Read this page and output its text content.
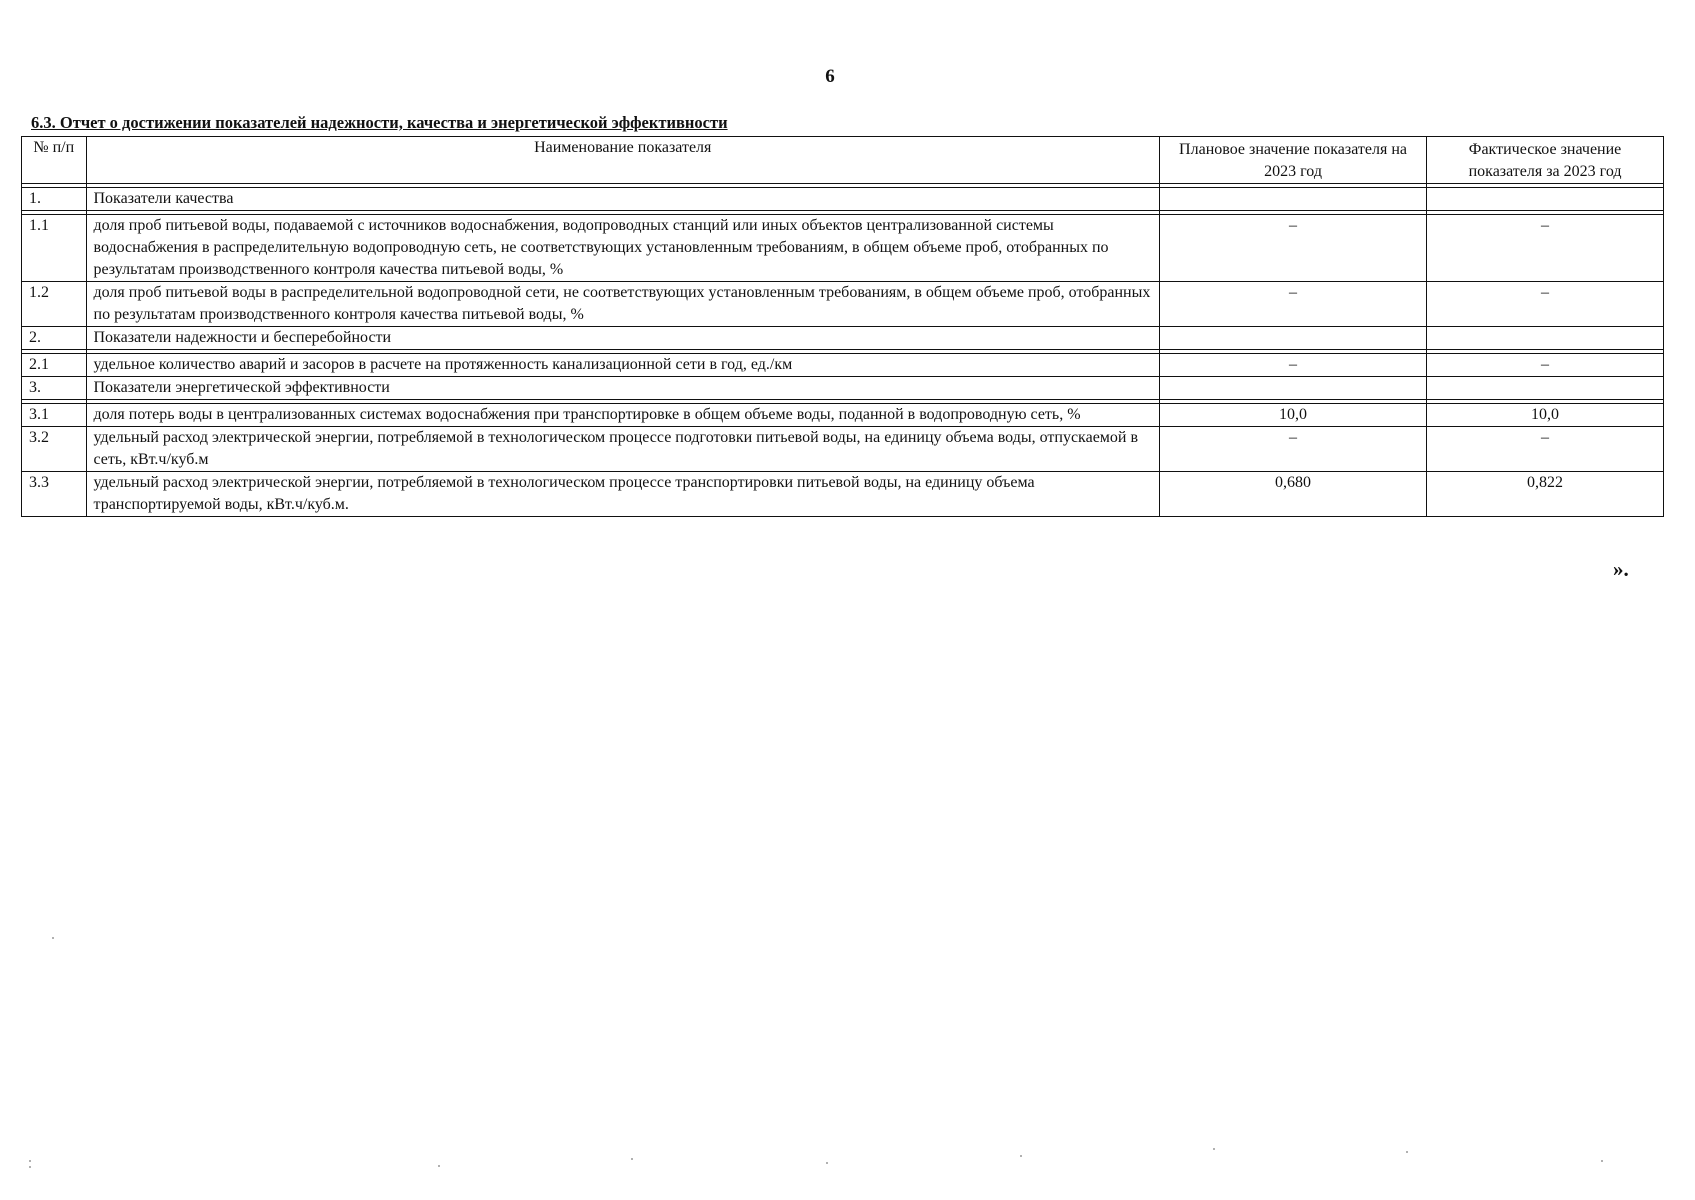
6
6.3. Отчет о достижении показателей надежности, качества и энергетической эффективности
№ п/п	Наименование показателя	Плановое значение показателя на 2023 год	Фактическое значение показателя за 2023 год

1.	Показатели качества		

1.1	доля проб питьевой воды, подаваемой с источников водоснабжения, водопроводных станций или иных объектов централизованной системы водоснабжения в распределительную водопроводную сеть, не соответствующих установленным требованиям, в общем объеме проб, отобранных по результатам производственного контроля качества питьевой воды, %	–	–
1.2	доля проб питьевой воды в распределительной водопроводной сети, не соответствующих установленным требованиям, в общем объеме проб, отобранных по результатам производственного контроля качества питьевой воды, %	–	–
2.	Показатели надежности и бесперебойности		

2.1	удельное количество аварий и засоров в расчете на протяженность канализационной сети в год, ед./км	–	–
3.	Показатели энергетической эффективности		

3.1	доля потерь воды в централизованных системах водоснабжения при транспортировке в общем объеме воды, поданной в водопроводную сеть, %	10,0	10,0
3.2	удельный расход электрической энергии, потребляемой в технологическом процессе подготовки питьевой воды, на единицу объема воды, отпускаемой в сеть, кВт.ч/куб.м	–	–
3.3	удельный расход электрической энергии, потребляемой в технологическом процессе транспортировки питьевой воды, на единицу объема транспортируемой воды, кВт.ч/куб.м.	0,680	0,822
».
